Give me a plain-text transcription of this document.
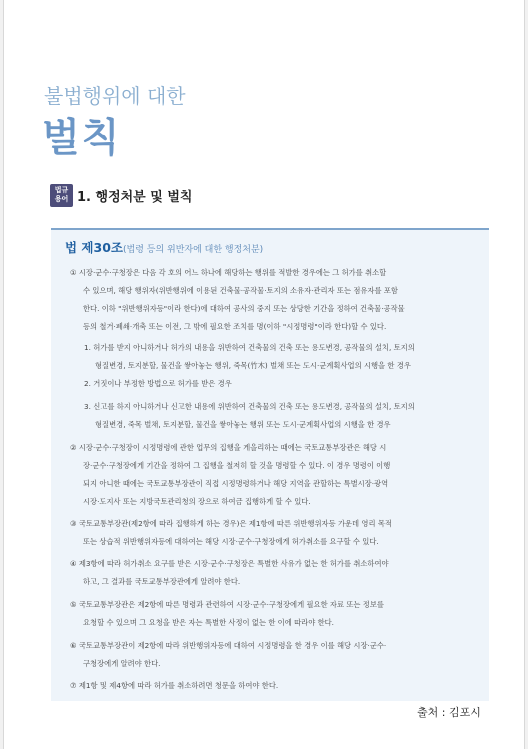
불법행위에 대한
벌칙
법규
용어 1. 행정처분 및 벌칙
법 제30조(법령 등의 위반자에 대한 행정처분)
① 시장·군수·구청장은 다음 각 호의 어느 하나에 해당하는 행위를 적발한 경우에는 그 허가를 취소할
수 있으며, 해당 행위자(위반행위에 이용된 건축물·공작물·토지의 소유자·관리자 또는 점유자를 포함
한다. 이하 "위반행위자등"이라 한다)에 대하여 공사의 중지 또는 상당한 기간을 정하여 건축물·공작물
등의 철거·폐쇄·개축 또는 이전, 그 밖에 필요한 조치를 명(이하 "시정명령"이라 한다)할 수 있다.
1. 허가를 받지 아니하거나 허가의 내용을 위반하여 건축물의 건축 또는 용도변경, 공작물의 설치, 토지의
형질변경, 토지분할, 물건을 쌓아놓는 행위, 죽목(竹木) 벌채 또는 도시·군계획사업의 시행을 한 경우
2. 거짓이나 부정한 방법으로 허가를 받은 경우
3. 신고를 하지 아니하거나 신고한 내용에 위반하여 건축물의 건축 또는 용도변경, 공작물의 설치, 토지의
형질변경, 죽목 벌채, 토지분할, 물건을 쌓아놓는 행위 또는 도시·군계획사업의 시행을 한 경우
② 시장·군수·구청장이 시정명령에 관한 업무의 집행을 게을리하는 때에는 국토교통부장관은 해당 시
장·군수·구청장에게 기간을 정하여 그 집행을 철저히 할 것을 명령할 수 있다. 이 경우 명령이 이행
되지 아니한 때에는 국토교통부장관이 직접 시정명령하거나 해당 지역을 관할하는 특별시장·광역
시장·도지사 또는 지방국토관리청의 장으로 하여금 집행하게 할 수 있다.
③ 국토교통부장관(제2항에 따라 집행하게 하는 경우)은 제1항에 따른 위반행위자등 가운데 영리 목적
또는 상습적 위반행위자등에 대하여는 해당 시장·군수·구청장에게 허가취소를 요구할 수 있다.
④ 제3항에 따라 허가취소 요구를 받은 시장·군수·구청장은 특별한 사유가 없는 한 허가를 취소하여야
하고, 그 결과를 국토교통부장관에게 알려야 한다.
⑤ 국토교통부장관은 제2항에 따른 명령과 관련하여 시장·군수·구청장에게 필요한 자료 또는 정보를
요청할 수 있으며 그 요청을 받은 자는 특별한 사정이 없는 한 이에 따라야 한다.
⑥ 국토교통부장관이 제2항에 따라 위반행위자등에 대하여 시정명령을 한 경우 이를 해당 시장·군수·
구청장에게 알려야 한다.
⑦ 제1항 및 제4항에 따라 허가를 취소하려면 청문을 하여야 한다.
출처 : 김포시
